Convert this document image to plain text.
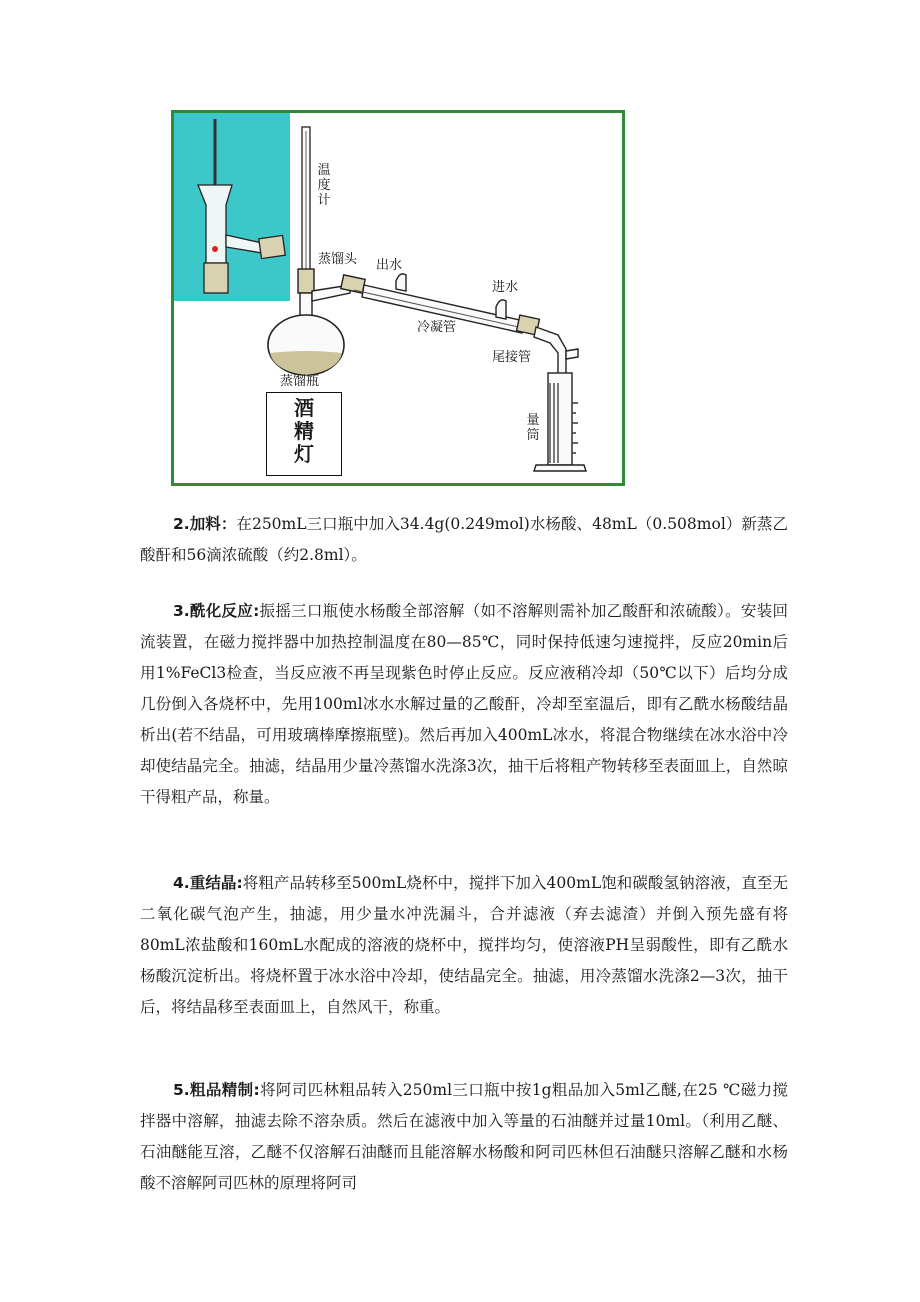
温度计
蒸馏头 出水
进水
冷凝管
尾接管
蒸馏瓶
量筒
酒精灯

2.加料：在250mL三口瓶中加入34.4g(0.249mol)水杨酸、48mL（0.508mol）新蒸乙酸酐和56滴浓硫酸（约2.8ml）。

3.酰化反应:振摇三口瓶使水杨酸全部溶解（如不溶解则需补加乙酸酐和浓硫酸）。安装回流装置，在磁力搅拌器中加热控制温度在80—85℃，同时保持低速匀速搅拌，反应20min后用1%FeCl3检查，当反应液不再呈现紫色时停止反应。反应液稍冷却（50℃以下）后均分成几份倒入各烧杯中，先用100ml冰水水解过量的乙酸酐，冷却至室温后，即有乙酰水杨酸结晶析出(若不结晶，可用玻璃棒摩擦瓶壁)。然后再加入400mL冰水，将混合物继续在冰水浴中冷却使结晶完全。抽滤，结晶用少量冷蒸馏水洗涤3次，抽干后将粗产物转移至表面皿上，自然晾干得粗产品，称量。

4.重结晶:将粗产品转移至500mL烧杯中，搅拌下加入400mL饱和碳酸氢钠溶液，直至无二氧化碳气泡产生，抽滤，用少量水冲洗漏斗，合并滤液（弃去滤渣）并倒入预先盛有将80mL浓盐酸和160mL水配成的溶液的烧杯中，搅拌均匀，使溶液PH呈弱酸性，即有乙酰水杨酸沉淀析出。将烧杯置于冰水浴中冷却，使结晶完全。抽滤，用冷蒸馏水洗涤2—3次，抽干后，将结晶移至表面皿上，自然风干，称重。

5.粗品精制:将阿司匹林粗品转入250ml三口瓶中按1g粗品加入5ml乙醚,在25 ℃磁力搅拌器中溶解，抽滤去除不溶杂质。然后在滤液中加入等量的石油醚并过量10ml。（利用乙醚、石油醚能互溶，乙醚不仅溶解石油醚而且能溶解水杨酸和阿司匹林但石油醚只溶解乙醚和水杨酸不溶解阿司匹林的原理将阿司
